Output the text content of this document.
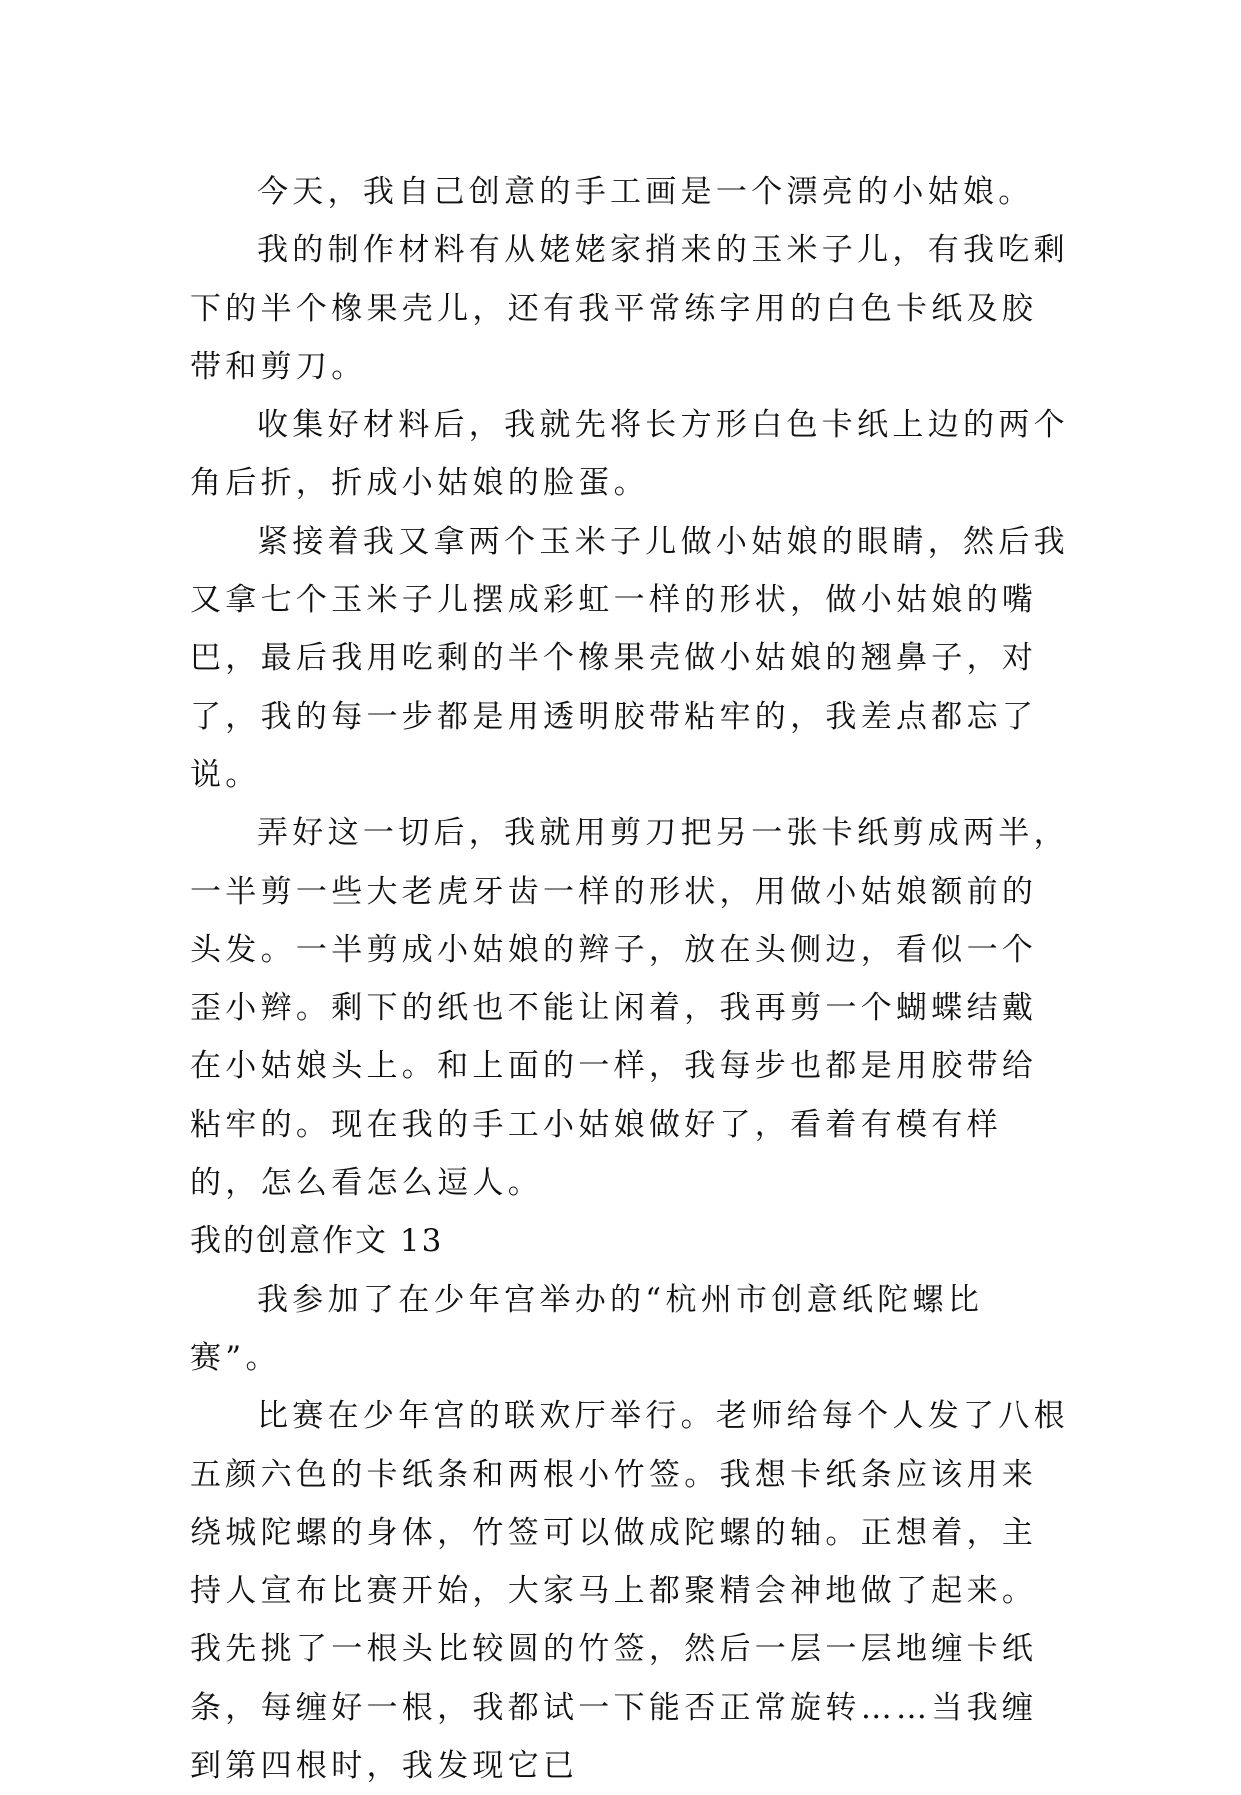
今天，我自己创意的手工画是一个漂亮的小姑娘。

我的制作材料有从姥姥家捎来的玉米子儿，有我吃剩下的半个橡果壳儿，还有我平常练字用的白色卡纸及胶带和剪刀。

收集好材料后，我就先将长方形白色卡纸上边的两个角后折，折成小姑娘的脸蛋。

紧接着我又拿两个玉米子儿做小姑娘的眼睛，然后我又拿七个玉米子儿摆成彩虹一样的形状，做小姑娘的嘴巴，最后我用吃剩的半个橡果壳做小姑娘的翘鼻子，对了，我的每一步都是用透明胶带粘牢的，我差点都忘了说。

弄好这一切后，我就用剪刀把另一张卡纸剪成两半，一半剪一些大老虎牙齿一样的形状，用做小姑娘额前的头发。一半剪成小姑娘的辫子，放在头侧边，看似一个歪小辫。剩下的纸也不能让闲着，我再剪一个蝴蝶结戴在小姑娘头上。和上面的一样，我每步也都是用胶带给粘牢的。现在我的手工小姑娘做好了，看着有模有样的，怎么看怎么逗人。

我的创意作文 13

我参加了在少年宫举办的“杭州市创意纸陀螺比赛”。

比赛在少年宫的联欢厅举行。老师给每个人发了八根五颜六色的卡纸条和两根小竹签。我想卡纸条应该用来绕城陀螺的身体，竹签可以做成陀螺的轴。正想着，主持人宣布比赛开始，大家马上都聚精会神地做了起来。我先挑了一根头比较圆的竹签，然后一层一层地缠卡纸条，每缠好一根，我都试一下能否正常旋转……当我缠到第四根时，我发现它已
